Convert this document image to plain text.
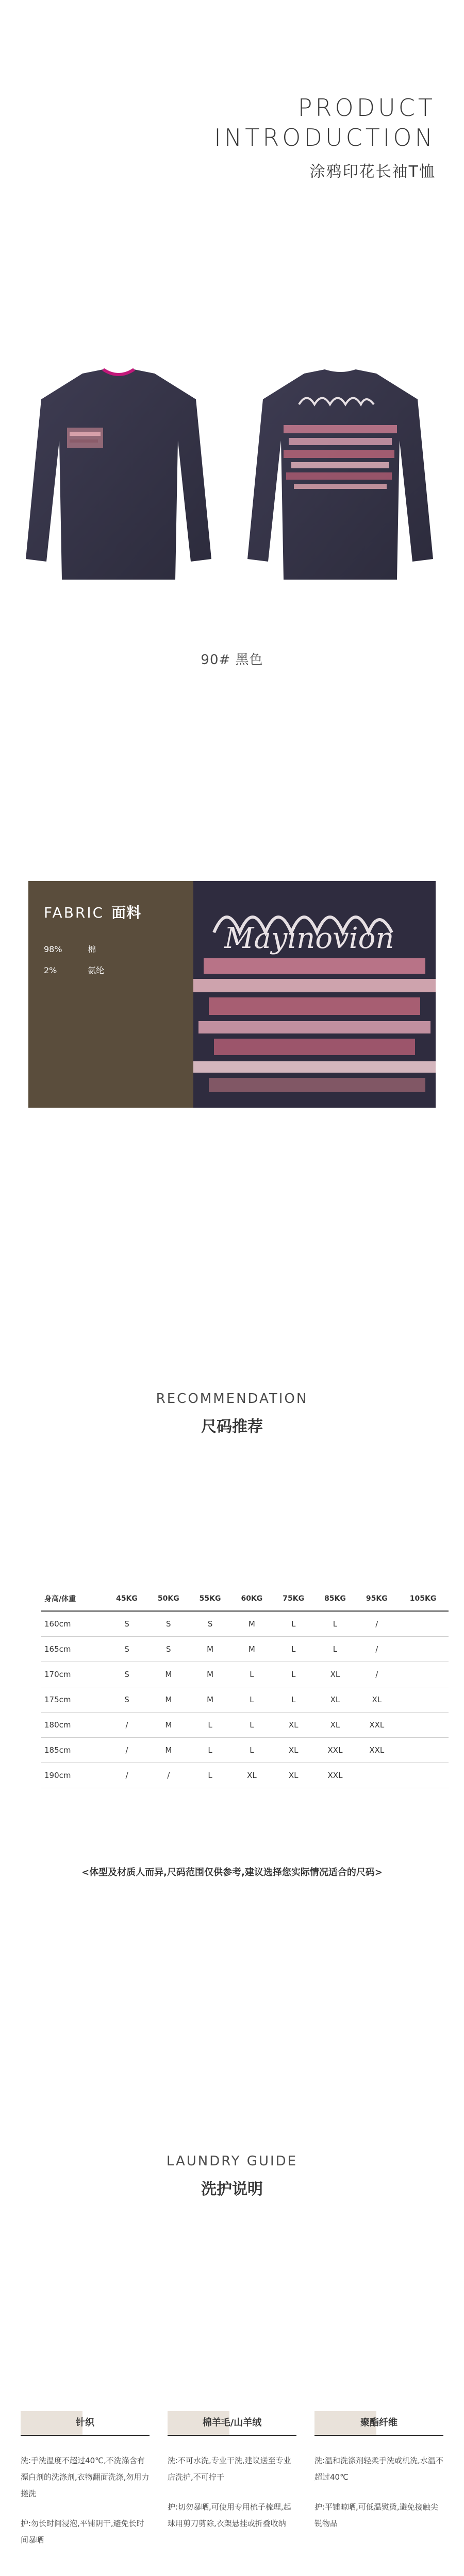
PRODUCT
INTRODUCTION
涂鸦印花长袖T恤
90# 黑色
FABRIC 面料
98%	棉
2%	氨纶
Mayinovion
RECOMMENDATION
尺码推荐
身高/体重	45KG	50KG	55KG	60KG	75KG	85KG	95KG	105KG
160cm	S	S	S	M	L	L	/	
165cm	S	S	M	M	L	L	/	
170cm	S	M	M	L	L	XL	/	
175cm	S	M	M	L	L	XL	XL	
180cm	/	M	L	L	XL	XL	XXL	
185cm	/	M	L	L	XL	XXL	XXL	
190cm	/	/	L	XL	XL	XXL		
<体型及材质人而异,尺码范围仅供参考,建议选择您实际情况适合的尺码>
LAUNDRY GUIDE
洗护说明
针织

洗:手洗温度不超过40℃,不洗涤含有漂白剂的洗涤剂,衣物翻面洗涤,勿用力搓洗

护:勿长时间浸泡,平铺阴干,避免长时间暴晒

棉羊毛/山羊绒

洗:不可水洗,专业干洗,建议送至专业店洗护,不可拧干

护:切勿暴晒,可使用专用梳子梳理,起球用剪刀剪除,衣架悬挂或折叠收纳

聚酯纤维

洗:温和洗涤剂轻柔手洗或机洗,水温不超过40℃

护:平铺晾晒,可低温熨烫,避免接触尖锐物品
